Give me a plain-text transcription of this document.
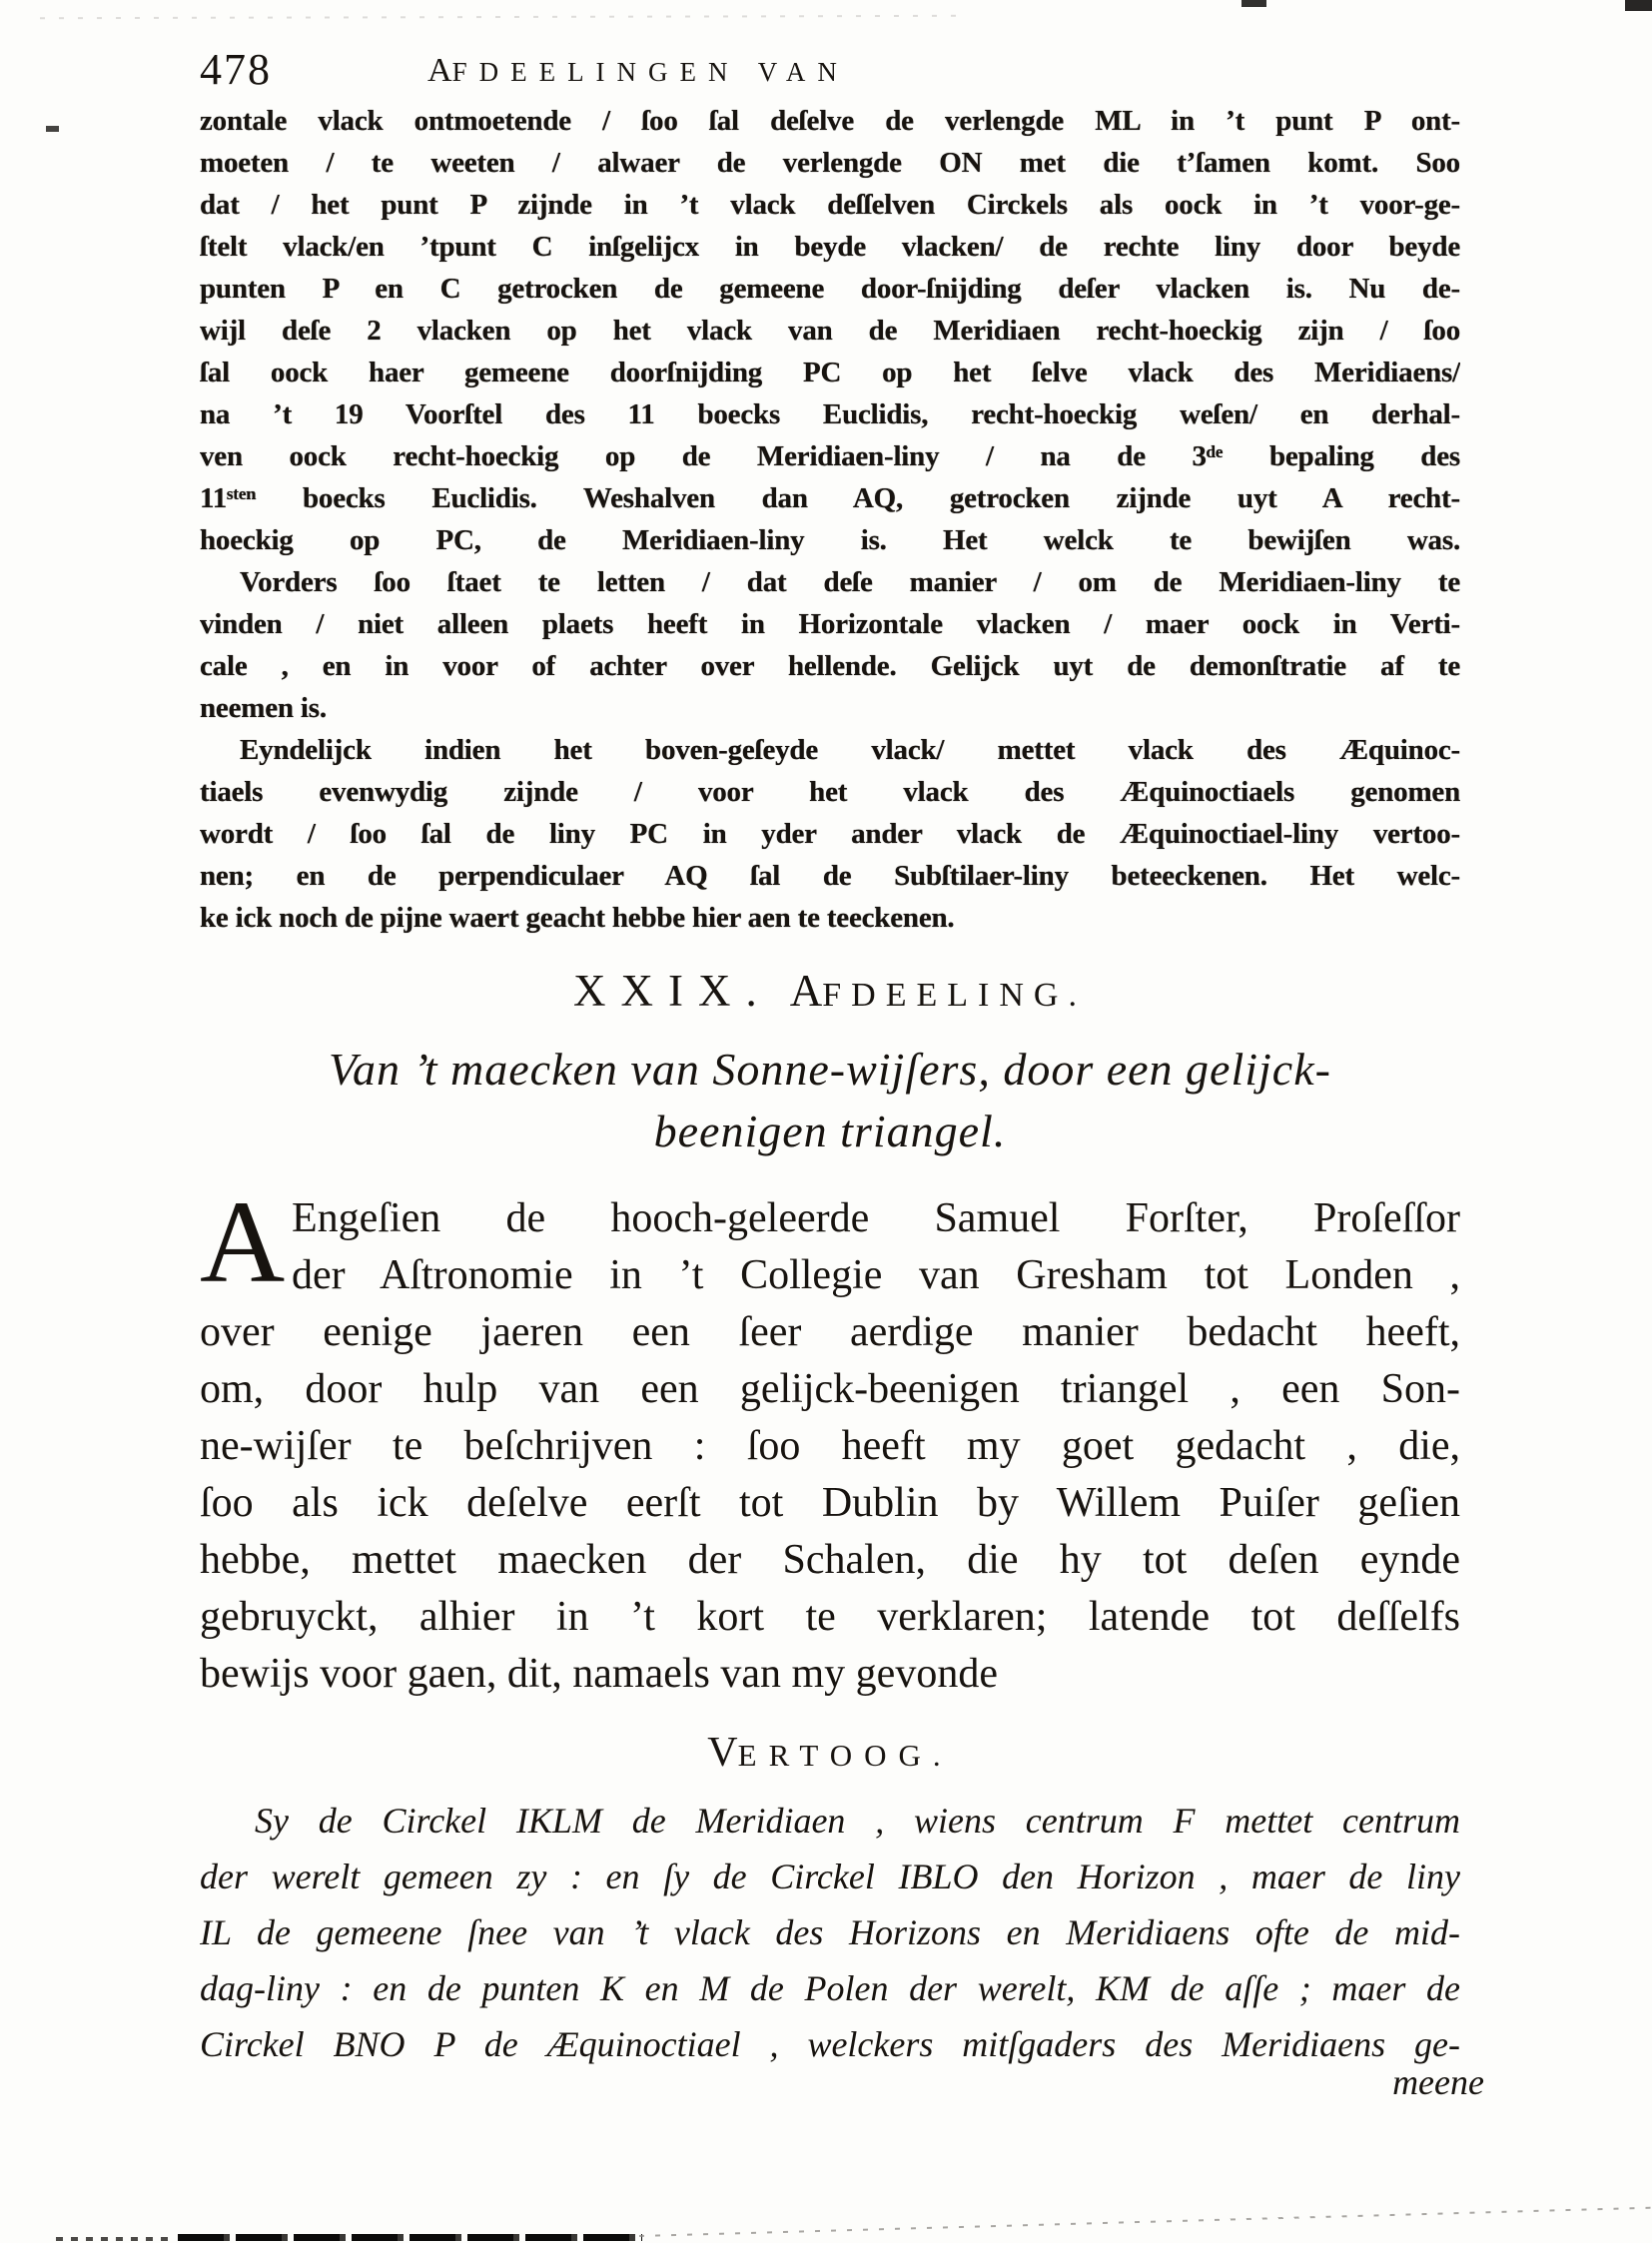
478	AFDEELINGEN VAN
zontale vlack ontmoetende / ſoo ſal deſelve de verlengde ML in ’t punt P ont-
moeten / te weeten / alwaer de verlengde ON met die t’ſamen komt. Soo
dat / het punt P zijnde in ’t vlack deſſelven Circkels als oock in ’t voor-ge-
ſtelt vlack/en ’tpunt C inſgelijcx in beyde vlacken/ de rechte liny door beyde
punten P en C getrocken de gemeene door-ſnijding deſer vlacken is. Nu de-
wijl deſe 2 vlacken op het vlack van de Meridiaen recht-hoeckig zijn / ſoo
ſal oock haer gemeene doorſnijding PC op het ſelve vlack des Meridiaens/
na ’t 19 Voorſtel des 11 boecks Euclidis, recht-hoeckig weſen/ en derhal-
ven oock recht-hoeckig op de Meridiaen-liny / na de 3ᵈᵉ bepaling des
11ˢᵗᵉⁿ boecks Euclidis. Weshalven dan AQ, getrocken zijnde uyt A recht-
hoeckig op PC, de Meridiaen-liny is. Het welck te bewijſen was.
Vorders ſoo ſtaet te letten / dat deſe manier / om de Meridiaen-liny te
vinden / niet alleen plaets heeft in Horizontale vlacken / maer oock in Verti-
cale , en in voor of achter over hellende. Gelijck uyt de demonſtratie af te
neemen is.
Eyndelijck indien het boven-geſeyde vlack/ mettet vlack des Æquinoc-
tiaels evenwydig zijnde / voor het vlack des Æquinoctiaels genomen
wordt / ſoo ſal de liny PC in yder ander vlack de Æquinoctiael-liny vertoo-
nen; en de perpendiculaer AQ ſal de Subſtilaer-liny beteeckenen. Het welc-
ke ick noch de pijne waert geacht hebbe hier aen te teeckenen.
XXIX. AFDEELING.
Van ’t maecken van Sonne-wijſers, door een gelijck-
beenigen triangel.
A Engeſien de hooch-geleerde Samuel Forſter, Proſeſſor
der Aſtronomie in ’t Collegie van Gresham tot Londen ,
over eenige jaeren een ſeer aerdige manier bedacht heeft,
om, door hulp van een gelijck-beenigen triangel , een Son-
ne-wijſer te beſchrijven : ſoo heeft my goet gedacht , die,
ſoo als ick deſelve eerſt tot Dublin by Willem Puiſer geſien
hebbe, mettet maecken der Schalen, die hy tot deſen eynde
gebruyckt, alhier in ’t kort te verklaren; latende tot deſſelfs
bewijs voor gaen, dit, namaels van my gevonde
VERTOOG.
Sy de Circkel IKLM de Meridiaen , wiens centrum F mettet centrum
der werelt gemeen zy : en ſy de Circkel IBLO den Horizon , maer de liny
IL de gemeene ſnee van ’t vlack des Horizons en Meridiaens ofte de mid-
dag-liny : en de punten K en M de Polen der werelt, KM de aſſe ; maer de
Circkel BNO P de Æquinoctiael , welckers mitſgaders des Meridiaens ge-
meene
